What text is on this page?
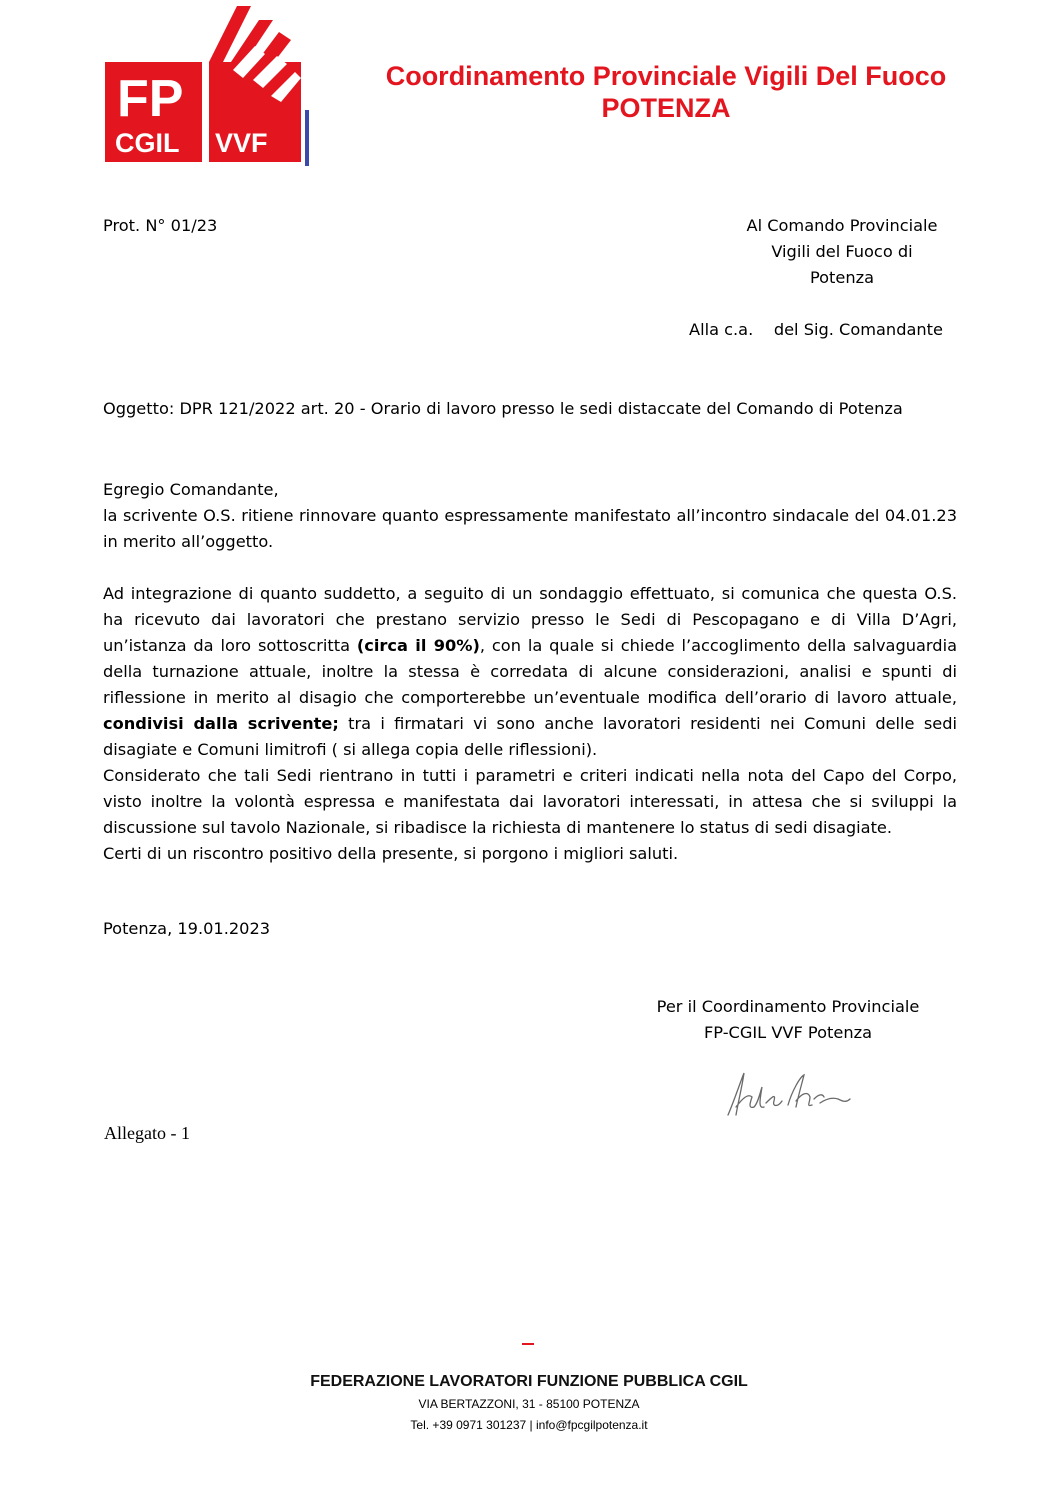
FP
CGIL VVF
Coordinamento Provinciale Vigili Del Fuoco
POTENZA
Prot. N° 01/23	Al Comando Provinciale
Vigili del Fuoco di
Potenza
Alla c.a.    del Sig. Comandante
Oggetto: DPR 121/2022 art. 20 - Orario di lavoro presso le sedi distaccate del Comando di Potenza

Egregio Comandante,

la scrivente O.S. ritiene rinnovare quanto espressamente manifestato all’incontro sindacale del 04.01.23 in merito all’oggetto.

Ad integrazione di quanto suddetto, a seguito di un sondaggio effettuato, si comunica che questa O.S. ha ricevuto dai lavoratori che prestano servizio presso le Sedi di Pescopagano e di Villa D’Agri, un’istanza da loro sottoscritta (circa il 90%), con la quale si chiede l’accoglimento della salvaguardia della turnazione attuale, inoltre la stessa è corredata di alcune considerazioni, analisi e spunti di riflessione in merito al disagio che comporterebbe un’eventuale modifica dell’orario di lavoro attuale, condivisi dalla scrivente; tra i firmatari vi sono anche lavoratori residenti nei Comuni delle sedi disagiate e Comuni limitrofi ( si allega copia delle riflessioni).

Considerato che tali Sedi rientrano in tutti i parametri e criteri indicati nella nota del Capo del Corpo, visto inoltre la volontà espressa e manifestata dai lavoratori interessati, in attesa che si sviluppi la discussione sul tavolo Nazionale, si ribadisce la richiesta di mantenere lo status di sedi disagiate.

Certi di un riscontro positivo della presente, si porgono i migliori saluti.

Potenza, 19.01.2023
Per il Coordinamento Provinciale
FP-CGIL VVF Potenza
Allegato - 1
FEDERAZIONE LAVORATORI FUNZIONE PUBBLICA CGIL
VIA BERTAZZONI, 31 - 85100 POTENZA
Tel. +39 0971 301237 | info@fpcgilpotenza.it
